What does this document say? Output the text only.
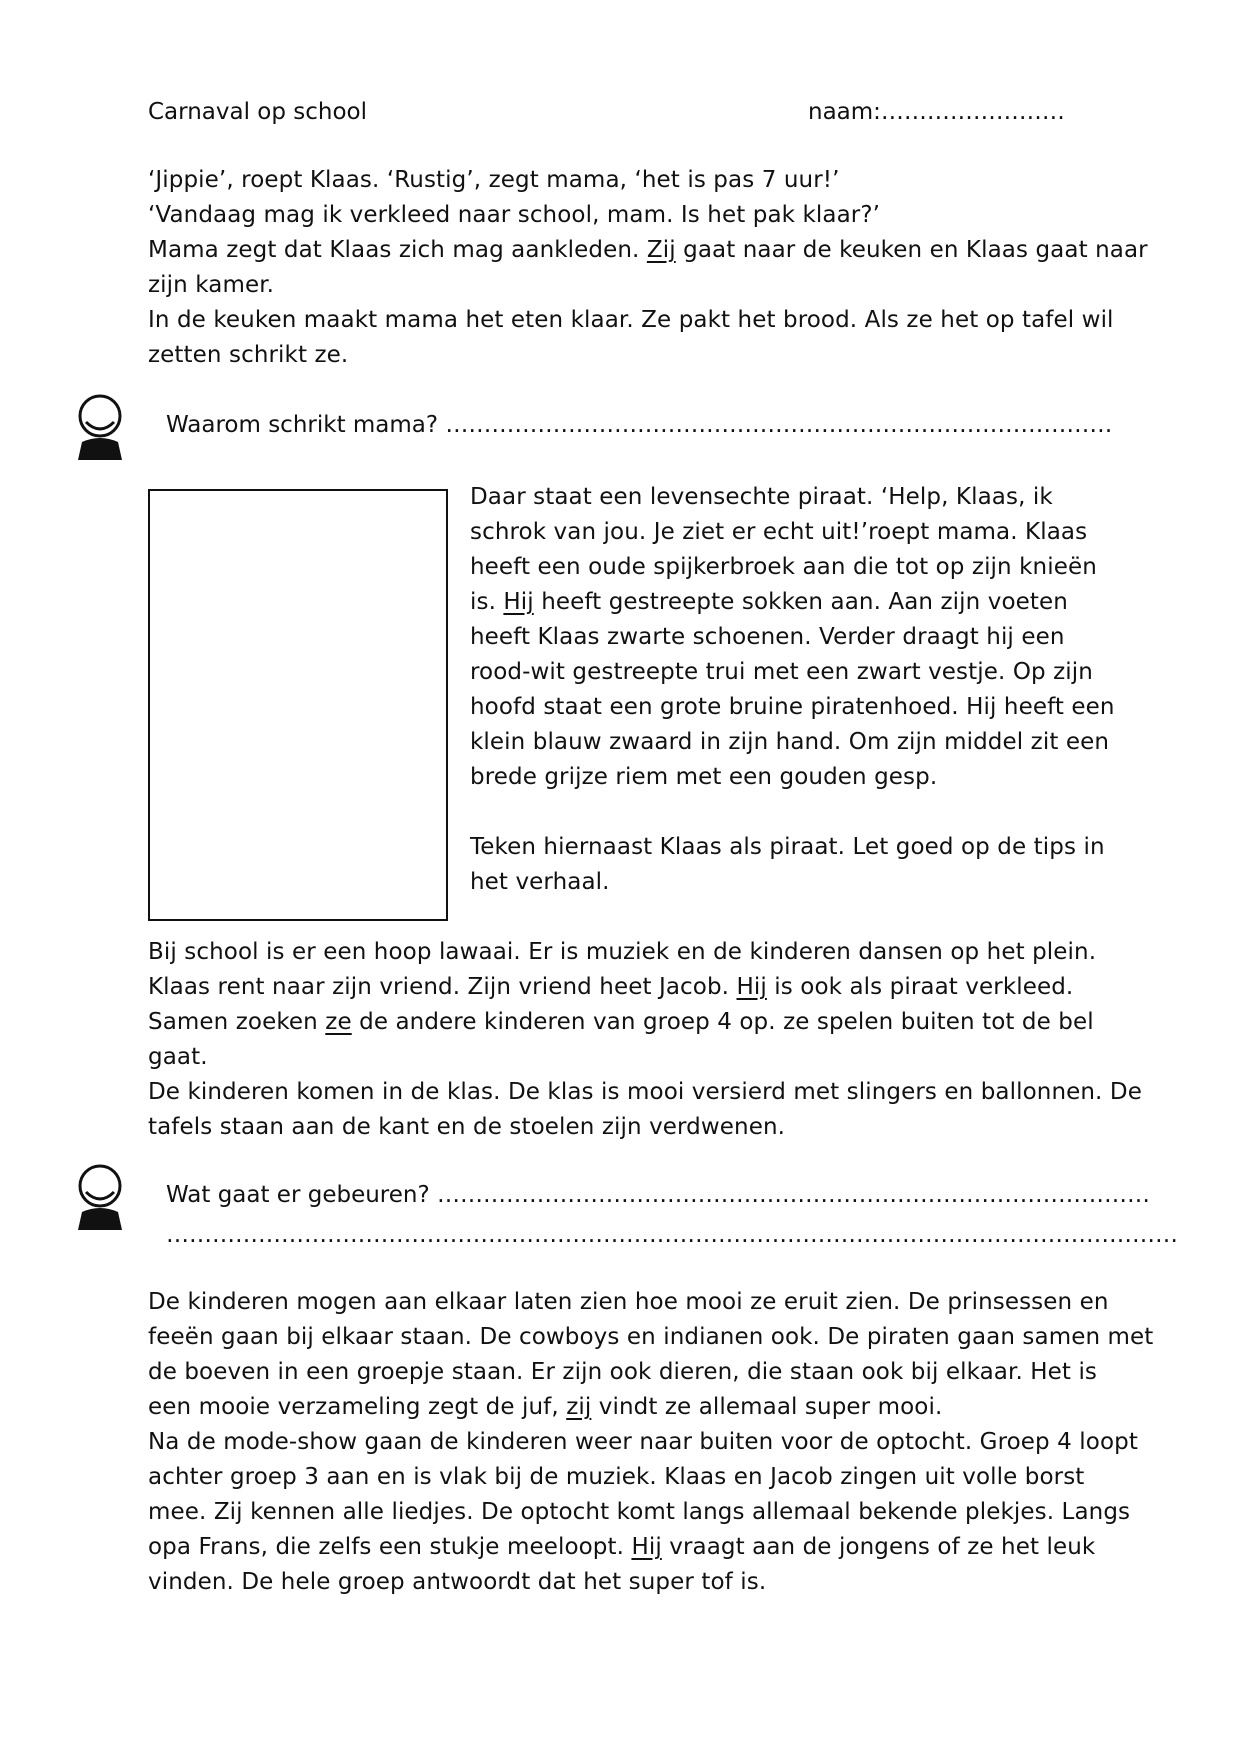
Carnaval op school	naam:……………………
‘Jippie’, roept Klaas. ‘Rustig’, zegt mama, ‘het is pas 7 uur!’
‘Vandaag mag ik verkleed naar school, mam. Is het pak klaar?’
Mama zegt dat Klaas zich mag aankleden. Zij gaat naar de keuken en Klaas gaat naar
zijn kamer.
In de keuken maakt mama het eten klaar. Ze pakt het brood. Als ze het op tafel wil
zetten schrikt ze.
Waarom schrikt mama? ……………………………………………………………………………
Daar staat een levensechte piraat. ‘Help, Klaas, ik
schrok van jou. Je ziet er echt uit!’roept mama. Klaas
heeft een oude spijkerbroek aan die tot op zijn knieën
is. Hij heeft gestreepte sokken aan. Aan zijn voeten
heeft Klaas zwarte schoenen. Verder draagt hij een
rood-wit gestreepte trui met een zwart vestje. Op zijn
hoofd staat een grote bruine piratenhoed. Hij heeft een
klein blauw zwaard in zijn hand. Om zijn middel zit een
brede grijze riem met een gouden gesp.
Teken hiernaast Klaas als piraat. Let goed op de tips in
het verhaal.
Bij school is er een hoop lawaai. Er is muziek en de kinderen dansen op het plein.
Klaas rent naar zijn vriend. Zijn vriend heet Jacob. Hij is ook als piraat verkleed.
Samen zoeken ze de andere kinderen van groep 4 op. ze spelen buiten tot de bel
gaat.
De kinderen komen in de klas. De klas is mooi versierd met slingers en ballonnen. De
tafels staan aan de kant en de stoelen zijn verdwenen.
Wat gaat er gebeuren? …………………………………………………………………………………
……………………………………………………………………………………………………………………
De kinderen mogen aan elkaar laten zien hoe mooi ze eruit zien. De prinsessen en
feeën gaan bij elkaar staan. De cowboys en indianen ook. De piraten gaan samen met
de boeven in een groepje staan. Er zijn ook dieren, die staan ook bij elkaar. Het is
een mooie verzameling zegt de juf, zij vindt ze allemaal super mooi.
Na de mode-show gaan de kinderen weer naar buiten voor de optocht. Groep 4 loopt
achter groep 3 aan en is vlak bij de muziek. Klaas en Jacob zingen uit volle borst
mee. Zij kennen alle liedjes. De optocht komt langs allemaal bekende plekjes. Langs
opa Frans, die zelfs een stukje meeloopt. Hij vraagt aan de jongens of ze het leuk
vinden. De hele groep antwoordt dat het super tof is.
